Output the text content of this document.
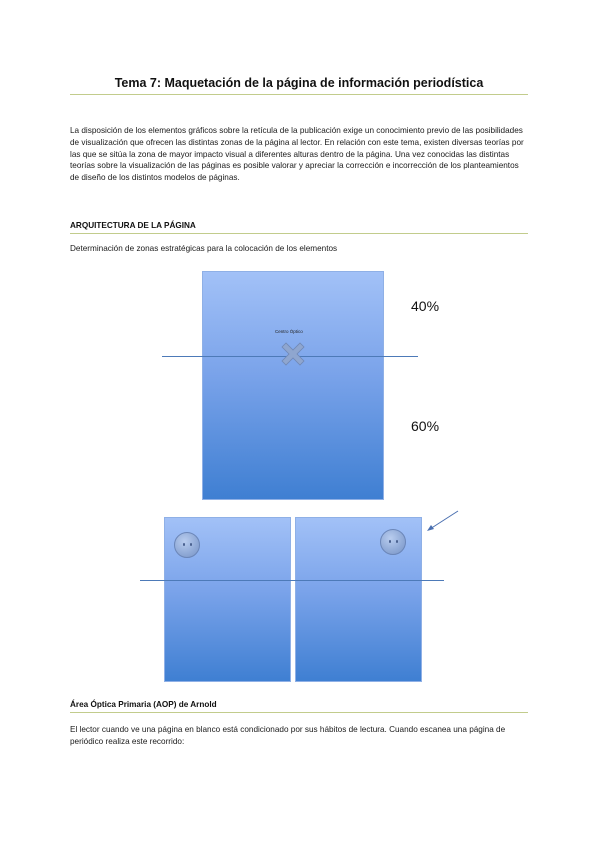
Tema 7: Maquetación de la página de información periodística

La disposición de los elementos gráficos sobre la retícula de la publicación exige un conocimiento previo de las posibilidades de visualización que ofrecen las distintas zonas de la página al lector. En relación con este tema, existen diversas teorías por las que se sitúa la zona de mayor impacto visual a diferentes alturas dentro de la página. Una vez conocidas las distintas teorías sobre la visualización de las páginas es posible valorar y apreciar la corrección e incorrección de los planteamientos de diseño de los distintos modelos de páginas.

ARQUITECTURA DE LA PÁGINA

Determinación de zonas estratégicas para la colocación de los elementos

Centro Óptico

40%

60%

Área Óptica Primaria (AOP) de Arnold

El lector cuando ve una página en blanco está condicionado por sus hábitos de lectura. Cuando escanea una página de periódico realiza este recorrido:
